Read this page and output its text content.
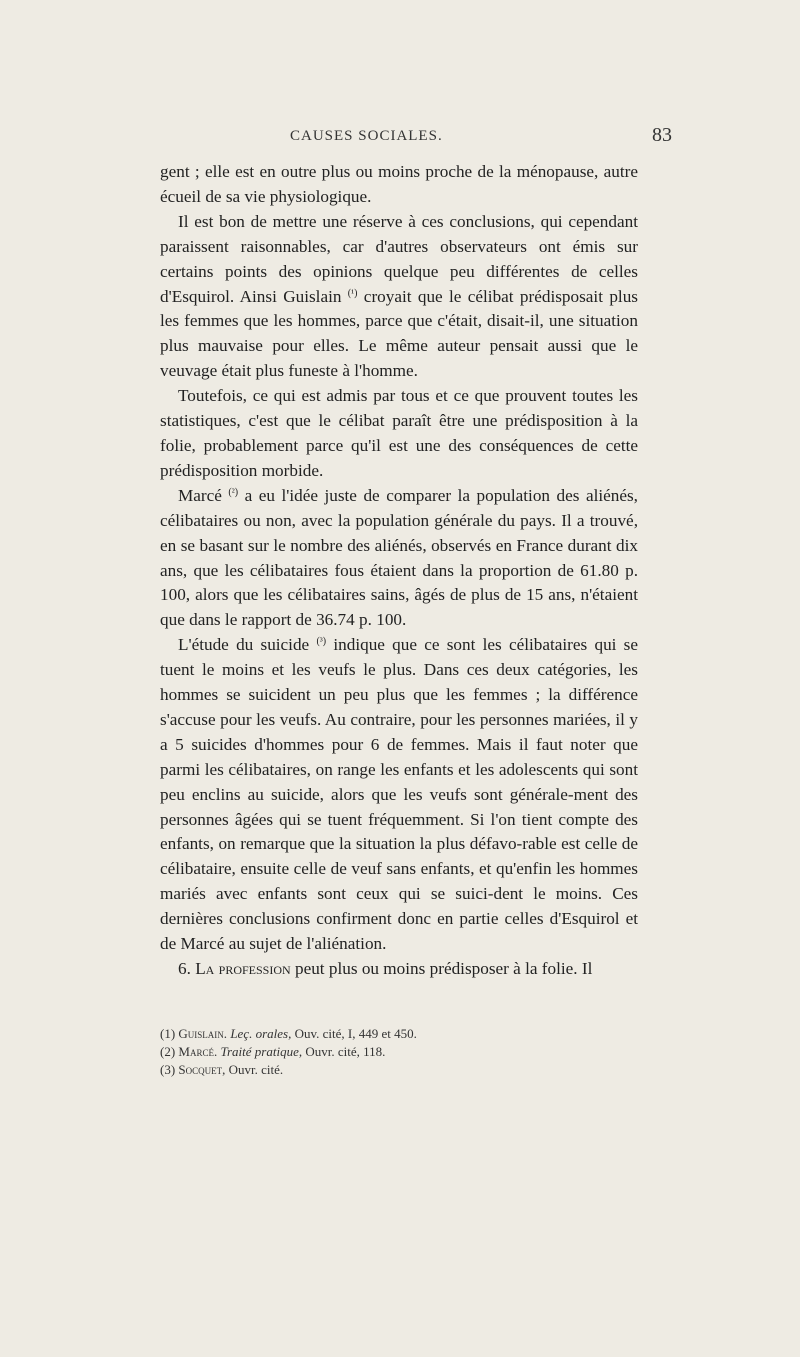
CAUSES SOCIALES.	83

gent ; elle est en outre plus ou moins proche de la ménopause, autre écueil de sa vie physiologique.

Il est bon de mettre une réserve à ces conclusions, qui cependant paraissent raisonnables, car d'autres observateurs ont émis sur certains points des opinions quelque peu différentes de celles d'Esquirol. Ainsi Guislain $^{(^1)}$ croyait que le célibat prédisposait plus les femmes que les hommes, parce que c'était, disait-il, une situation plus mauvaise pour elles. Le même auteur pensait aussi que le veuvage était plus funeste à l'homme.

Toutefois, ce qui est admis par tous et ce que prouvent toutes les statistiques, c'est que le célibat paraît être une prédisposition à la folie, probablement parce qu'il est une des conséquences de cette prédisposition morbide.

Marcé $^{(^2)}$ a eu l'idée juste de comparer la population des aliénés, célibataires ou non, avec la population générale du pays. Il a trouvé, en se basant sur le nombre des aliénés, observés en France durant dix ans, que les célibataires fous étaient dans la proportion de 61.80 p. 100, alors que les célibataires sains, âgés de plus de 15 ans, n'étaient que dans le rapport de 36.74 p. 100.

L'étude du suicide $^{(^3)}$ indique que ce sont les célibataires qui se tuent le moins et les veufs le plus. Dans ces deux catégories, les hommes se suicident un peu plus que les femmes ; la différence s'accuse pour les veufs. Au contraire, pour les personnes mariées, il y a 5 suicides d'hommes pour 6 de femmes. Mais il faut noter que parmi les célibataires, on range les enfants et les adolescents qui sont peu enclins au suicide, alors que les veufs sont générale-ment des personnes âgées qui se tuent fréquemment. Si l'on tient compte des enfants, on remarque que la situation la plus défavo-rable est celle de célibataire, ensuite celle de veuf sans enfants, et qu'enfin les hommes mariés avec enfants sont ceux qui se suici-dent le moins. Ces dernières conclusions confirment donc en partie celles d'Esquirol et de Marcé au sujet de l'aliénation.

6. La profession peut plus ou moins prédisposer à la folie. Il

(1) Guislain. Leç. orales, Ouv. cité, I, 449 et 450.
(2) Marcé. Traité pratique, Ouvr. cité, 118.
(3) Socquet, Ouvr. cité.
